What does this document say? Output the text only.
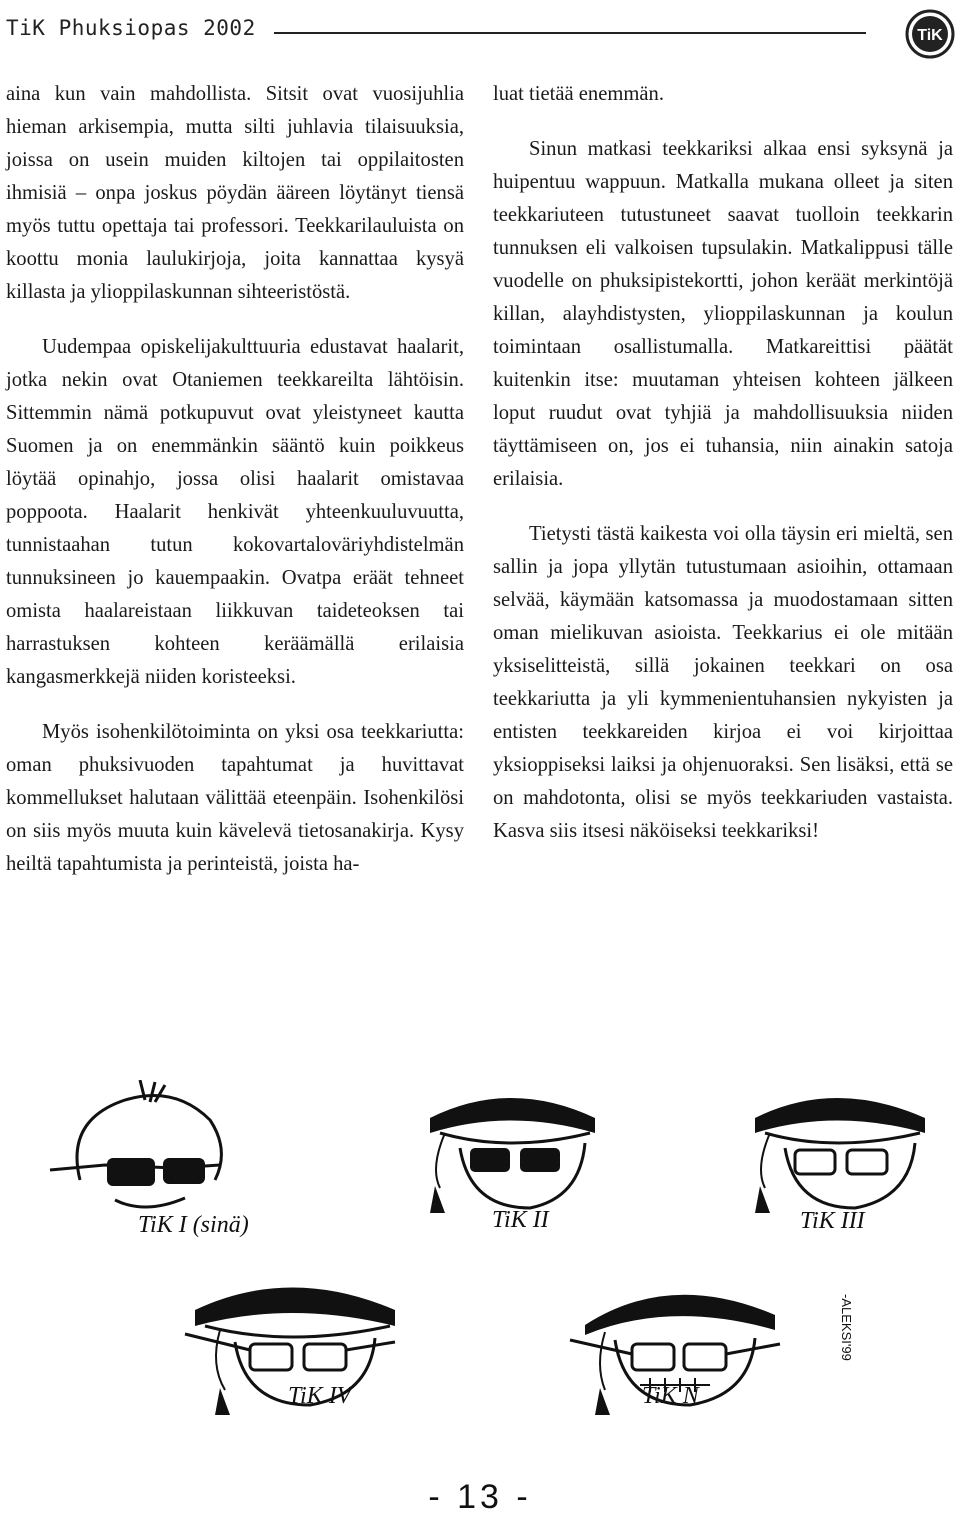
TiK Phuksiopas 2002	TiK

aina kun vain mahdollista. Sitsit ovat vuosijuhlia hieman arkisempia, mutta silti juhlavia tilaisuuksia, joissa on usein muiden kiltojen tai oppilaitosten ihmisiä – onpa joskus pöydän ääreen löytänyt tiensä myös tuttu opettaja tai professori. Teekkarilauluista on koottu monia laulukirjoja, joita kannattaa kysyä killasta ja ylioppilaskunnan sihteeristöstä.

Uudempaa opiskelijakulttuuria edustavat haalarit, jotka nekin ovat Otaniemen teekkareilta lähtöisin. Sittemmin nämä potkupuvut ovat yleistyneet kautta Suomen ja on enemmänkin sääntö kuin poikkeus löytää opinahjo, jossa olisi haalarit omistavaa poppoota. Haalarit henkivät yhteenkuuluvuutta, tunnistaahan tutun kokovartaloväriyhdistelmän tunnuksineen jo kauempaakin. Ovatpa eräät tehneet omista haalareistaan liikkuvan taideteoksen tai harrastuksen kohteen keräämällä erilaisia kangasmerkkejä niiden koristeeksi.

Myös isohenkilötoiminta on yksi osa teekkariutta: oman phuksivuoden tapahtumat ja huvittavat kommellukset halutaan välittää eteenpäin. Isohenkilösi on siis myös muuta kuin kävelevä tietosanakirja. Kysy heiltä tapahtumista ja perinteistä, joista ha-

luat tietää enemmän.

Sinun matkasi teekkariksi alkaa ensi syksynä ja huipentuu wappuun. Matkalla mukana olleet ja siten teekkariuteen tutustuneet saavat tuolloin teekkarin tunnuksen eli valkoisen tupsulakin. Matkalippusi tälle vuodelle on phuksipistekortti, johon keräät merkintöjä killan, alayhdistysten, ylioppilaskunnan ja koulun toimintaan osallistumalla. Matkareittisi päätät kuitenkin itse: muutaman yhteisen kohteen jälkeen loput ruudut ovat tyhjiä ja mahdollisuuksia niiden täyttämiseen on, jos ei tuhansia, niin ainakin satoja erilaisia.

Tietysti tästä kaikesta voi olla täysin eri mieltä, sen sallin ja jopa yllytän tutustumaan asioihin, ottamaan selvää, käymään katsomassa ja muodostamaan sitten oman mielikuvan asioista. Teekkarius ei ole mitään yksiselitteistä, sillä jokainen teekkari on osa teekkariutta ja yli kymmenientuhansien nykyisten ja entisten teekkareiden kirjoa ei voi kirjoittaa yksioppiseksi laiksi ja ohjenuoraksi. Sen lisäksi, että se on mahdotonta, olisi se myös teekkariuden vastaista. Kasva siis itsesi näköiseksi teekkariksi!

TiK I (sinä)	TiK II	TiK III
TiK IV	TiK N
-ALEKSI'99
- 13 -
